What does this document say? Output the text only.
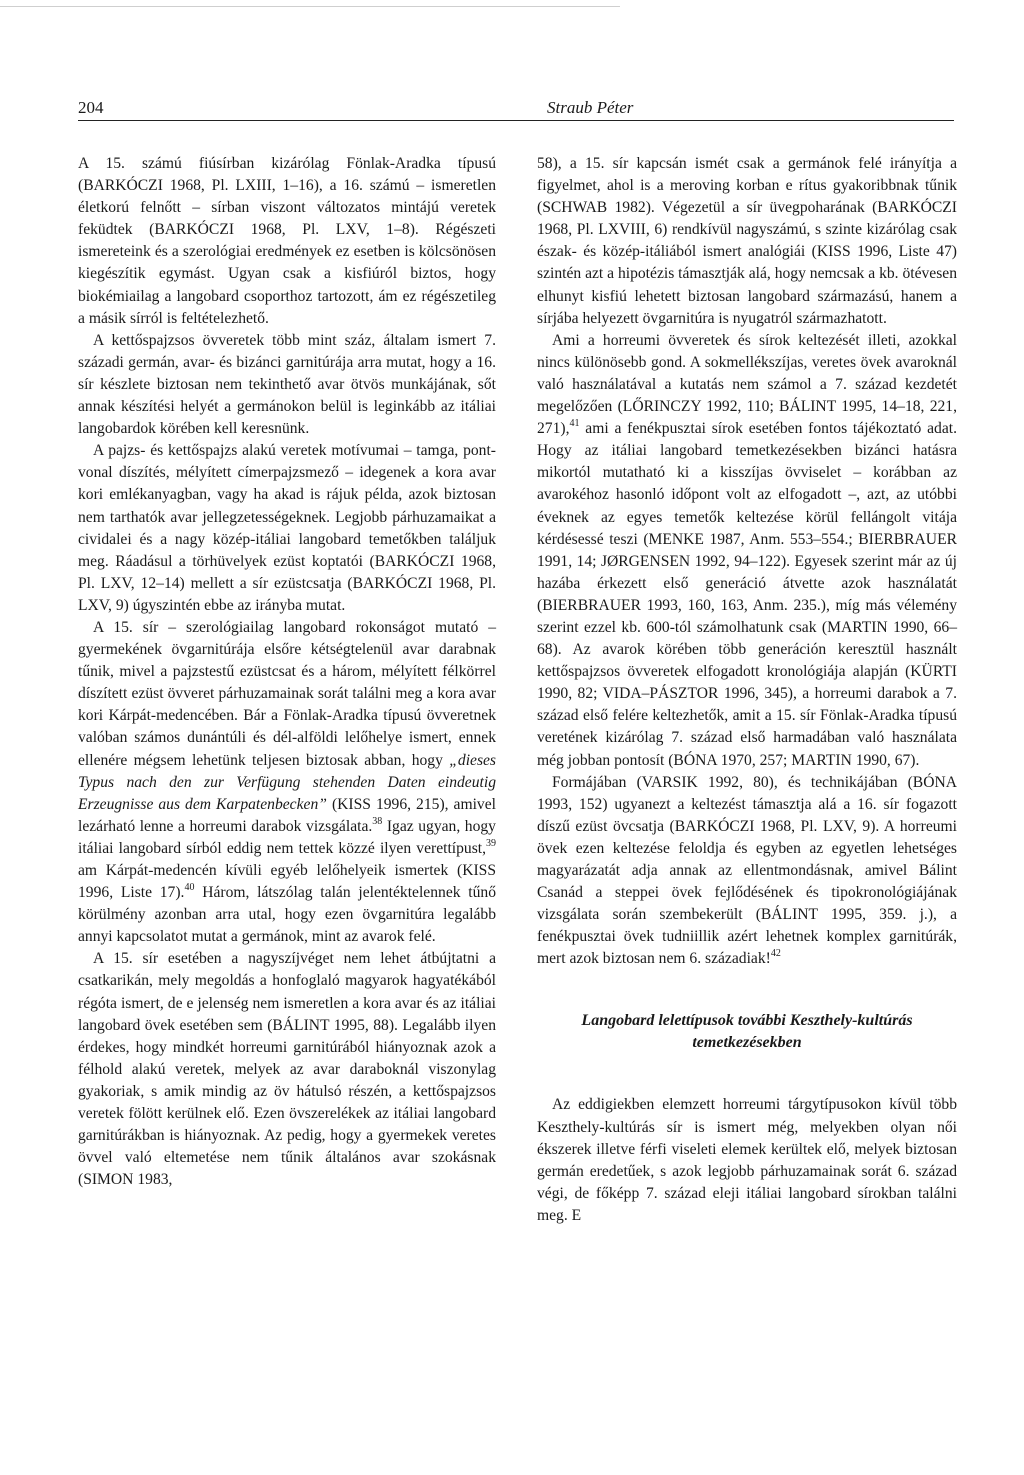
204	Straub Péter

A 15. számú fiúsírban kizárólag Fönlak-Aradka típusú (BARKÓCZI 1968, Pl. LXIII, 1–16), a 16. számú – ismeretlen életkorú felnőtt – sírban viszont változatos mintájú veretek feküdtek (BARKÓCZI 1968, Pl. LXV, 1–8). Régészeti ismereteink és a szerológiai eredmények ez esetben is kölcsönösen kiegészítik egymást. Ugyan csak a kisfiúról biztos, hogy biokémiailag a langobard csoporthoz tartozott, ám ez régészetileg a másik sírról is feltételezhető.

A kettőspajzsos övveretek több mint száz, általam ismert 7. századi germán, avar- és bizánci garnitúrája arra mutat, hogy a 16. sír készlete biztosan nem tekinthető avar ötvös munkájának, sőt annak készítési helyét a germánokon belül is leginkább az itáliai langobardok körében kell keresnünk.

A pajzs- és kettőspajzs alakú veretek motívumai – tamga, pont-vonal díszítés, mélyített címerpajzsmező – idegenek a kora avar kori emlékanyagban, vagy ha akad is rájuk példa, azok biztosan nem tarthatók avar jellegzetességeknek. Legjobb párhuzamaikat a cividalei és a nagy közép-itáliai langobard temetőkben találjuk meg. Ráadásul a törhüvelyek ezüst koptatói (BARKÓCZI 1968, Pl. LXV, 12–14) mellett a sír ezüstcsatja (BARKÓCZI 1968, Pl. LXV, 9) úgyszintén ebbe az irányba mutat.

A 15. sír – szerológiailag langobard rokonságot mutató – gyermekének övgarnitúrája elsőre kétségtelenül avar darabnak tűnik, mivel a pajzstestű ezüstcsat és a három, mélyített félkörrel díszített ezüst övveret párhuzamainak sorát találni meg a kora avar kori Kárpát-medencében. Bár a Fönlak-Aradka típusú övveretnek valóban számos dunántúli és dél-alföldi lelőhelye ismert, ennek ellenére mégsem lehetünk teljesen biztosak abban, hogy „dieses Typus nach den zur Verfügung stehenden Daten eindeutig Erzeugnisse aus dem Karpatenbecken” (KISS 1996, 215), amivel lezárható lenne a horreumi darabok vizsgálata.$^{38}$ Igaz ugyan, hogy itáliai langobard sírból eddig nem tettek közzé ilyen verettípust,$^{39}$ am Kárpát-medencén kívüli egyéb lelőhelyeik ismertek (KISS 1996, Liste 17).$^{40}$ Három, látszólag talán jelentéktelennek tűnő körülmény azonban arra utal, hogy ezen övgarnitúra legalább annyi kapcsolatot mutat a germánok, mint az avarok felé.

A 15. sír esetében a nagyszíjvéget nem lehet átbújtatni a csatkarikán, mely megoldás a honfoglaló magyarok hagyatékából régóta ismert, de e jelenség nem ismeretlen a kora avar és az itáliai langobard övek esetében sem (BÁLINT 1995, 88). Legalább ilyen érdekes, hogy mindkét horreumi garnitúrából hiányoznak azok a félhold alakú veretek, melyek az avar daraboknál viszonylag gyakoriak, s amik mindig az öv hátulsó részén, a kettőspajzsos veretek fölött kerülnek elő. Ezen övszerelékek az itáliai langobard garnitúrákban is hiányoznak. Az pedig, hogy a gyermekek veretes övvel való eltemetése nem tűnik általános avar szokásnak (SIMON 1983,

58), a 15. sír kapcsán ismét csak a germánok felé irányítja a figyelmet, ahol is a meroving korban e rítus gyakoribbnak tűnik (SCHWAB 1982). Végezetül a sír üvegpoharának (BARKÓCZI 1968, Pl. LXVIII, 6) rendkívül nagyszámú, s szinte kizárólag csak észak- és közép-itáliából ismert analógiái (KISS 1996, Liste 47) szintén azt a hipotézis támasztják alá, hogy nemcsak a kb. ötévesen elhunyt kisfiú lehetett biztosan langobard származású, hanem a sírjába helyezett övgarnitúra is nyugatról származhatott.

Ami a horreumi övveretek és sírok keltezését illeti, azokkal nincs különösebb gond. A sokmellékszíjas, veretes övek avaroknál való használatával a kutatás nem számol a 7. század kezdetét megelőzően (LŐRINCZY 1992, 110; BÁLINT 1995, 14–18, 221, 271),$^{41}$ ami a fenékpusztai sírok esetében fontos tájékoztató adat. Hogy az itáliai langobard temetkezésekben bizánci hatásra mikortól mutatható ki a kisszíjas övviselet – korábban az avarokéhoz hasonló időpont volt az elfogadott –, azt, az utóbbi éveknek az egyes temetők keltezése körül fellángolt vitája kérdésessé teszi (MENKE 1987, Anm. 553–554.; BIERBRAUER 1991, 14; JØRGENSEN 1992, 94–122). Egyesek szerint már az új hazába érkezett első generáció átvette azok használatát (BIERBRAUER 1993, 160, 163, Anm. 235.), míg más vélemény szerint ezzel kb. 600-tól számolhatunk csak (MARTIN 1990, 66–68). Az avarok körében több generáción keresztül használt kettőspajzsos övveretek elfogadott kronológiája alapján (KÜRTI 1990, 82; VIDA–PÁSZTOR 1996, 345), a horreumi darabok a 7. század első felére keltezhetők, amit a 15. sír Fönlak-Aradka típusú veretének kizárólag 7. század első harmadában való használata még jobban pontosít (BÓNA 1970, 257; MARTIN 1990, 67).

Formájában (VARSIK 1992, 80), és technikájában (BÓNA 1993, 152) ugyanezt a keltezést támasztja alá a 16. sír fogazott díszű ezüst övcsatja (BARKÓCZI 1968, Pl. LXV, 9). A horreumi övek ezen keltezése feloldja és egyben az egyetlen lehetséges magyarázatát adja annak az ellentmondásnak, amivel Bálint Csanád a steppei övek fejlődésének és tipokronológiájának vizsgálata során szembekerült (BÁLINT 1995, 359. j.), a fenékpusztai övek tudniillik azért lehetnek komplex garnitúrák, mert azok biztosan nem 6. századiak!$^{42}$

Langobard lelettípusok további Keszthely-kultúrás temetkezésekben

Az eddigiekben elemzett horreumi tárgytípusokon kívül több Keszthely-kultúrás sír is ismert még, melyekben olyan női ékszerek illetve férfi viseleti elemek kerültek elő, melyek biztosan germán eredetűek, s azok legjobb párhuzamainak sorát 6. század végi, de főképp 7. század eleji itáliai langobard sírokban találni meg. E
